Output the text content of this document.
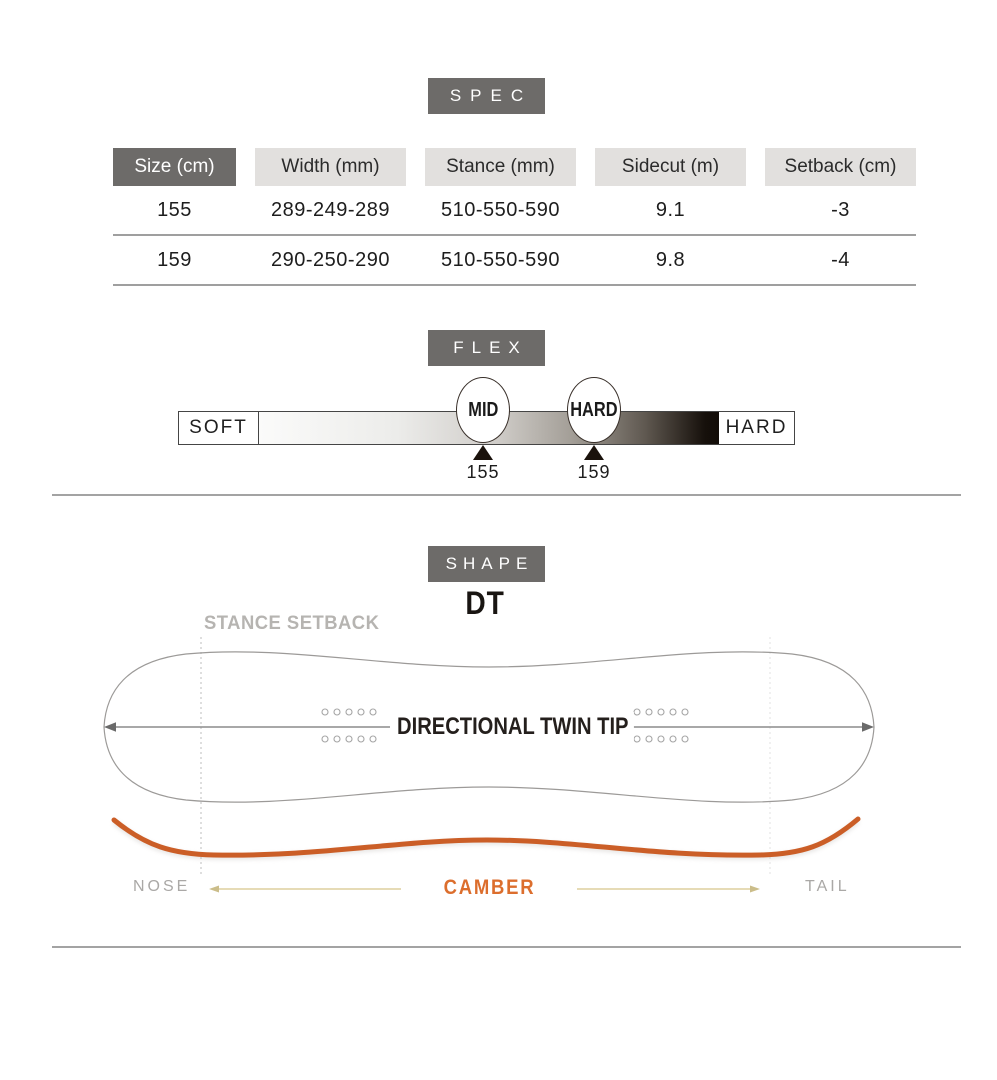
SPEC
Size (cm)	Width (mm)	Stance (mm)	Sidecut (m)	Setback (cm)
155	289-249-289	510-550-590	9.1	-3
159	290-250-290	510-550-590	9.8	-4
FLEX
SOFT	HARD
MID	HARD
155	159
SHAPE
DT
STANCE SETBACK
DIRECTIONAL TWIN TIP
NOSE	CAMBER	TAIL
